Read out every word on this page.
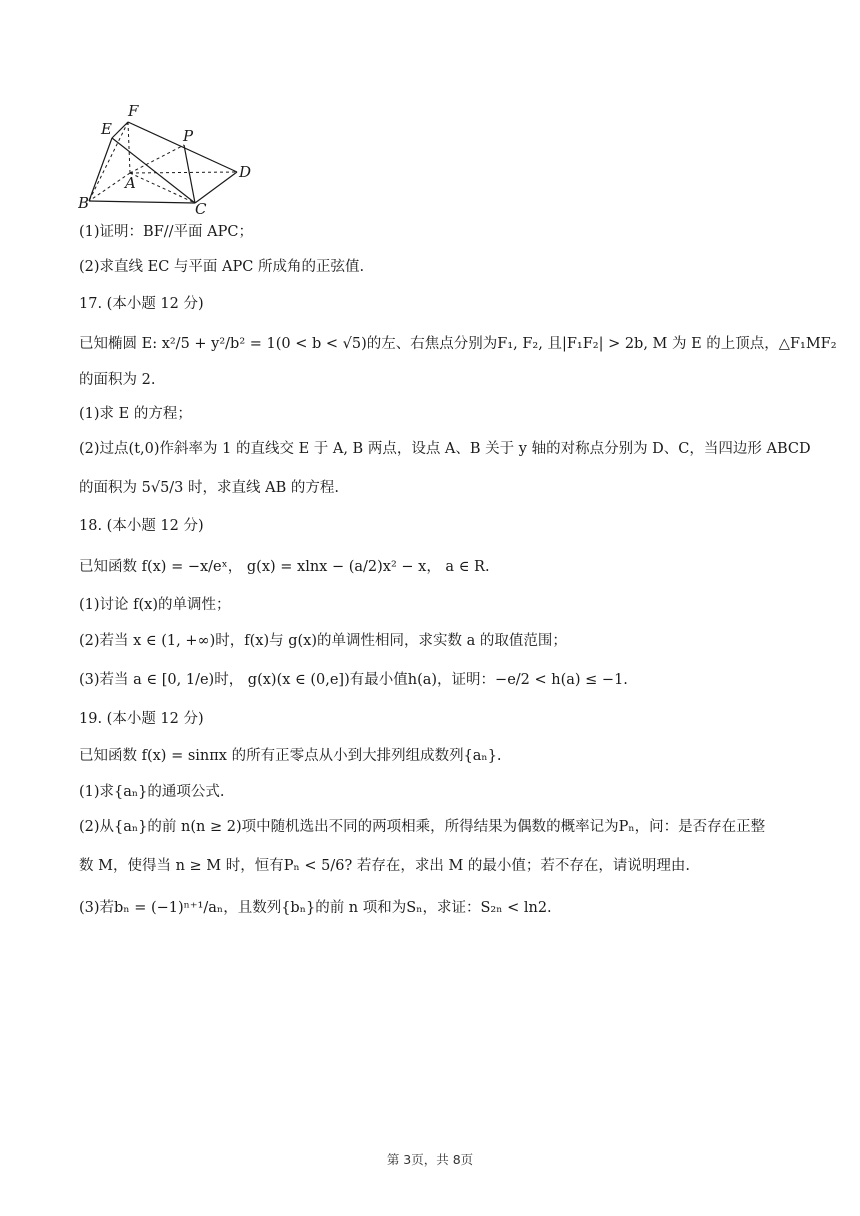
F
E	P
A
D
B	C
(1)证明：BF//平面 APC；
(2)求直线 EC 与平面 APC 所成角的正弦值.
17. (本小题 12 分)
已知椭圆 E: x²/5 + y²/b² = 1(0 < b < √5)的左、右焦点分别为F₁, F₂, 且|F₁F₂| > 2b, M 为 E 的上顶点，△F₁MF₂
的面积为 2.
(1)求 E 的方程；
(2)过点(t,0)作斜率为 1 的直线交 E 于 A, B 两点，设点 A、B 关于 y 轴的对称点分别为 D、C，当四边形 ABCD
的面积为 5√5/3 时，求直线 AB 的方程.
18. (本小题 12 分)
已知函数 f(x) = −x/eˣ， g(x) = xlnx − (a/2)x² − x， a ∈ R.
(1)讨论 f(x)的单调性；
(2)若当 x ∈ (1, +∞)时，f(x)与 g(x)的单调性相同，求实数 a 的取值范围；
(3)若当 a ∈ [0, 1/e)时， g(x)(x ∈ (0,e])有最小值h(a)，证明：−e/2 < h(a) ≤ −1.
19. (本小题 12 分)
已知函数 f(x) = sinπx 的所有正零点从小到大排列组成数列{aₙ}.
(1)求{aₙ}的通项公式.
(2)从{aₙ}的前 n(n ≥ 2)项中随机选出不同的两项相乘，所得结果为偶数的概率记为Pₙ，问：是否存在正整
数 M，使得当 n ≥ M 时，恒有Pₙ < 5/6? 若存在，求出 M 的最小值；若不存在，请说明理由.
(3)若bₙ = (−1)ⁿ⁺¹/aₙ，且数列{bₙ}的前 n 项和为Sₙ，求证：S₂ₙ < ln2.
第 3页，共 8页
